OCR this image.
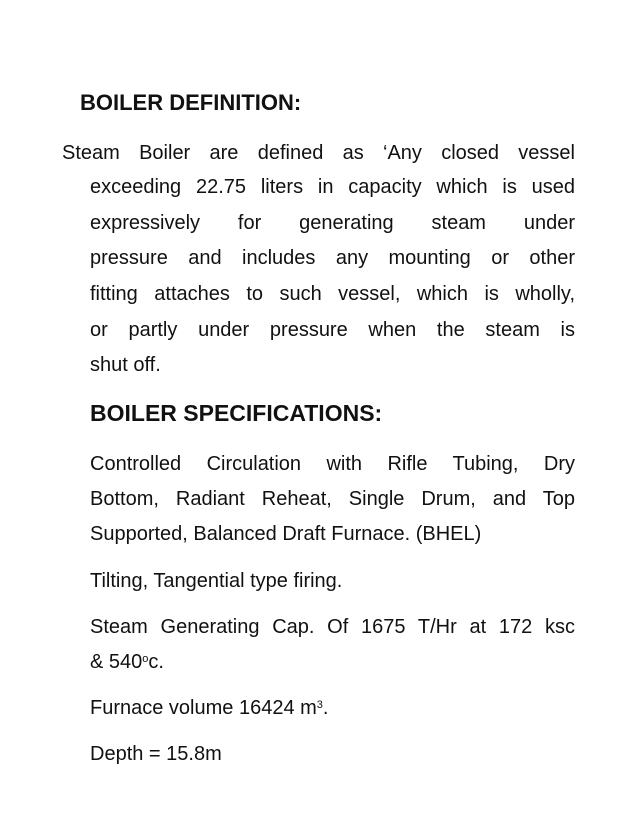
BOILER DEFINITION:
Steam Boiler are defined as ‘Any closed vessel
exceeding 22.75 liters in capacity which is used
expressively for generating steam under
pressure and includes any mounting or other
fitting attaches to such vessel, which is wholly,
or partly under pressure when the steam is
shut off.
BOILER SPECIFICATIONS:
Controlled Circulation with Rifle Tubing, Dry
Bottom, Radiant Reheat, Single Drum, and Top
Supported, Balanced Draft Furnace. (BHEL)
Tilting, Tangential type firing.
Steam Generating Cap. Of 1675 T/Hr at 172 ksc
& 540$^o$c.
Furnace volume 16424 $m^3$.
Depth = 15.8m
